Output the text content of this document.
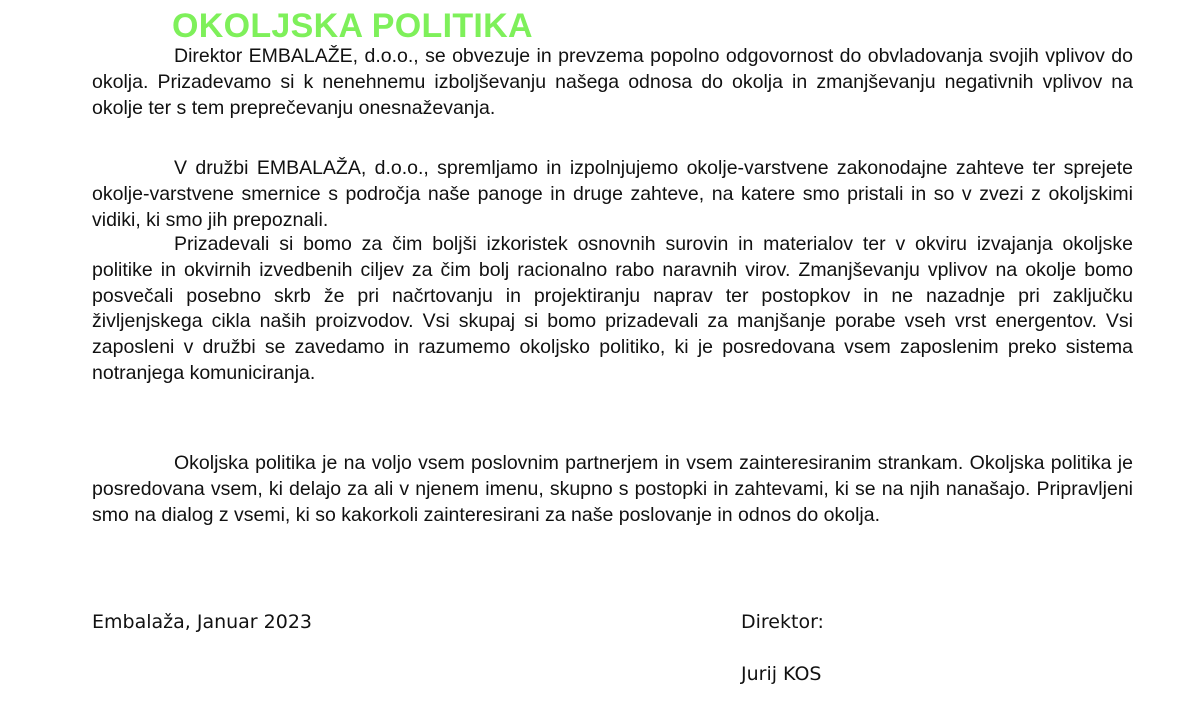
OKOLJSKA POLITIKA

Direktor EMBALAŽE, d.o.o., se obvezuje in prevzema popolno odgovornost do obvladovanja svojih vplivov do okolja. Prizadevamo si k nenehnemu izboljševanju našega odnosa do okolja in zmanjševanju negativnih vplivov na okolje ter s tem preprečevanju onesnaževanja.

V družbi EMBALAŽA, d.o.o., spremljamo in izpolnjujemo okolje-varstvene zakonodajne zahteve ter sprejete okolje-varstvene smernice s področja naše panoge in druge zahteve, na katere smo pristali in so v zvezi z okoljskimi vidiki, ki smo jih prepoznali.

Prizadevali si bomo za čim boljši izkoristek osnovnih surovin in materialov ter v okviru izvajanja okoljske politike in okvirnih izvedbenih ciljev za čim bolj racionalno rabo naravnih virov. Zmanjševanju vplivov na okolje bomo posvečali posebno skrb že pri načrtovanju in projektiranju naprav ter postopkov in ne nazadnje pri zaključku življenjskega cikla naših proizvodov. Vsi skupaj si bomo prizadevali za manjšanje porabe vseh vrst energentov. Vsi zaposleni v družbi se zavedamo in razumemo okoljsko politiko, ki je posredovana vsem zaposlenim preko sistema notranjega komuniciranja.

Okoljska politika je na voljo vsem poslovnim partnerjem in vsem zainteresiranim strankam. Okoljska politika je posredovana vsem, ki delajo za ali v njenem imenu, skupno s postopki in zahtevami, ki se na njih nanašajo. Pripravljeni smo na dialog z vsemi, ki so kakorkoli zainteresirani za naše poslovanje in odnos do okolja.

Embalaža, Januar 2023	Direktor:

Jurij KOS
